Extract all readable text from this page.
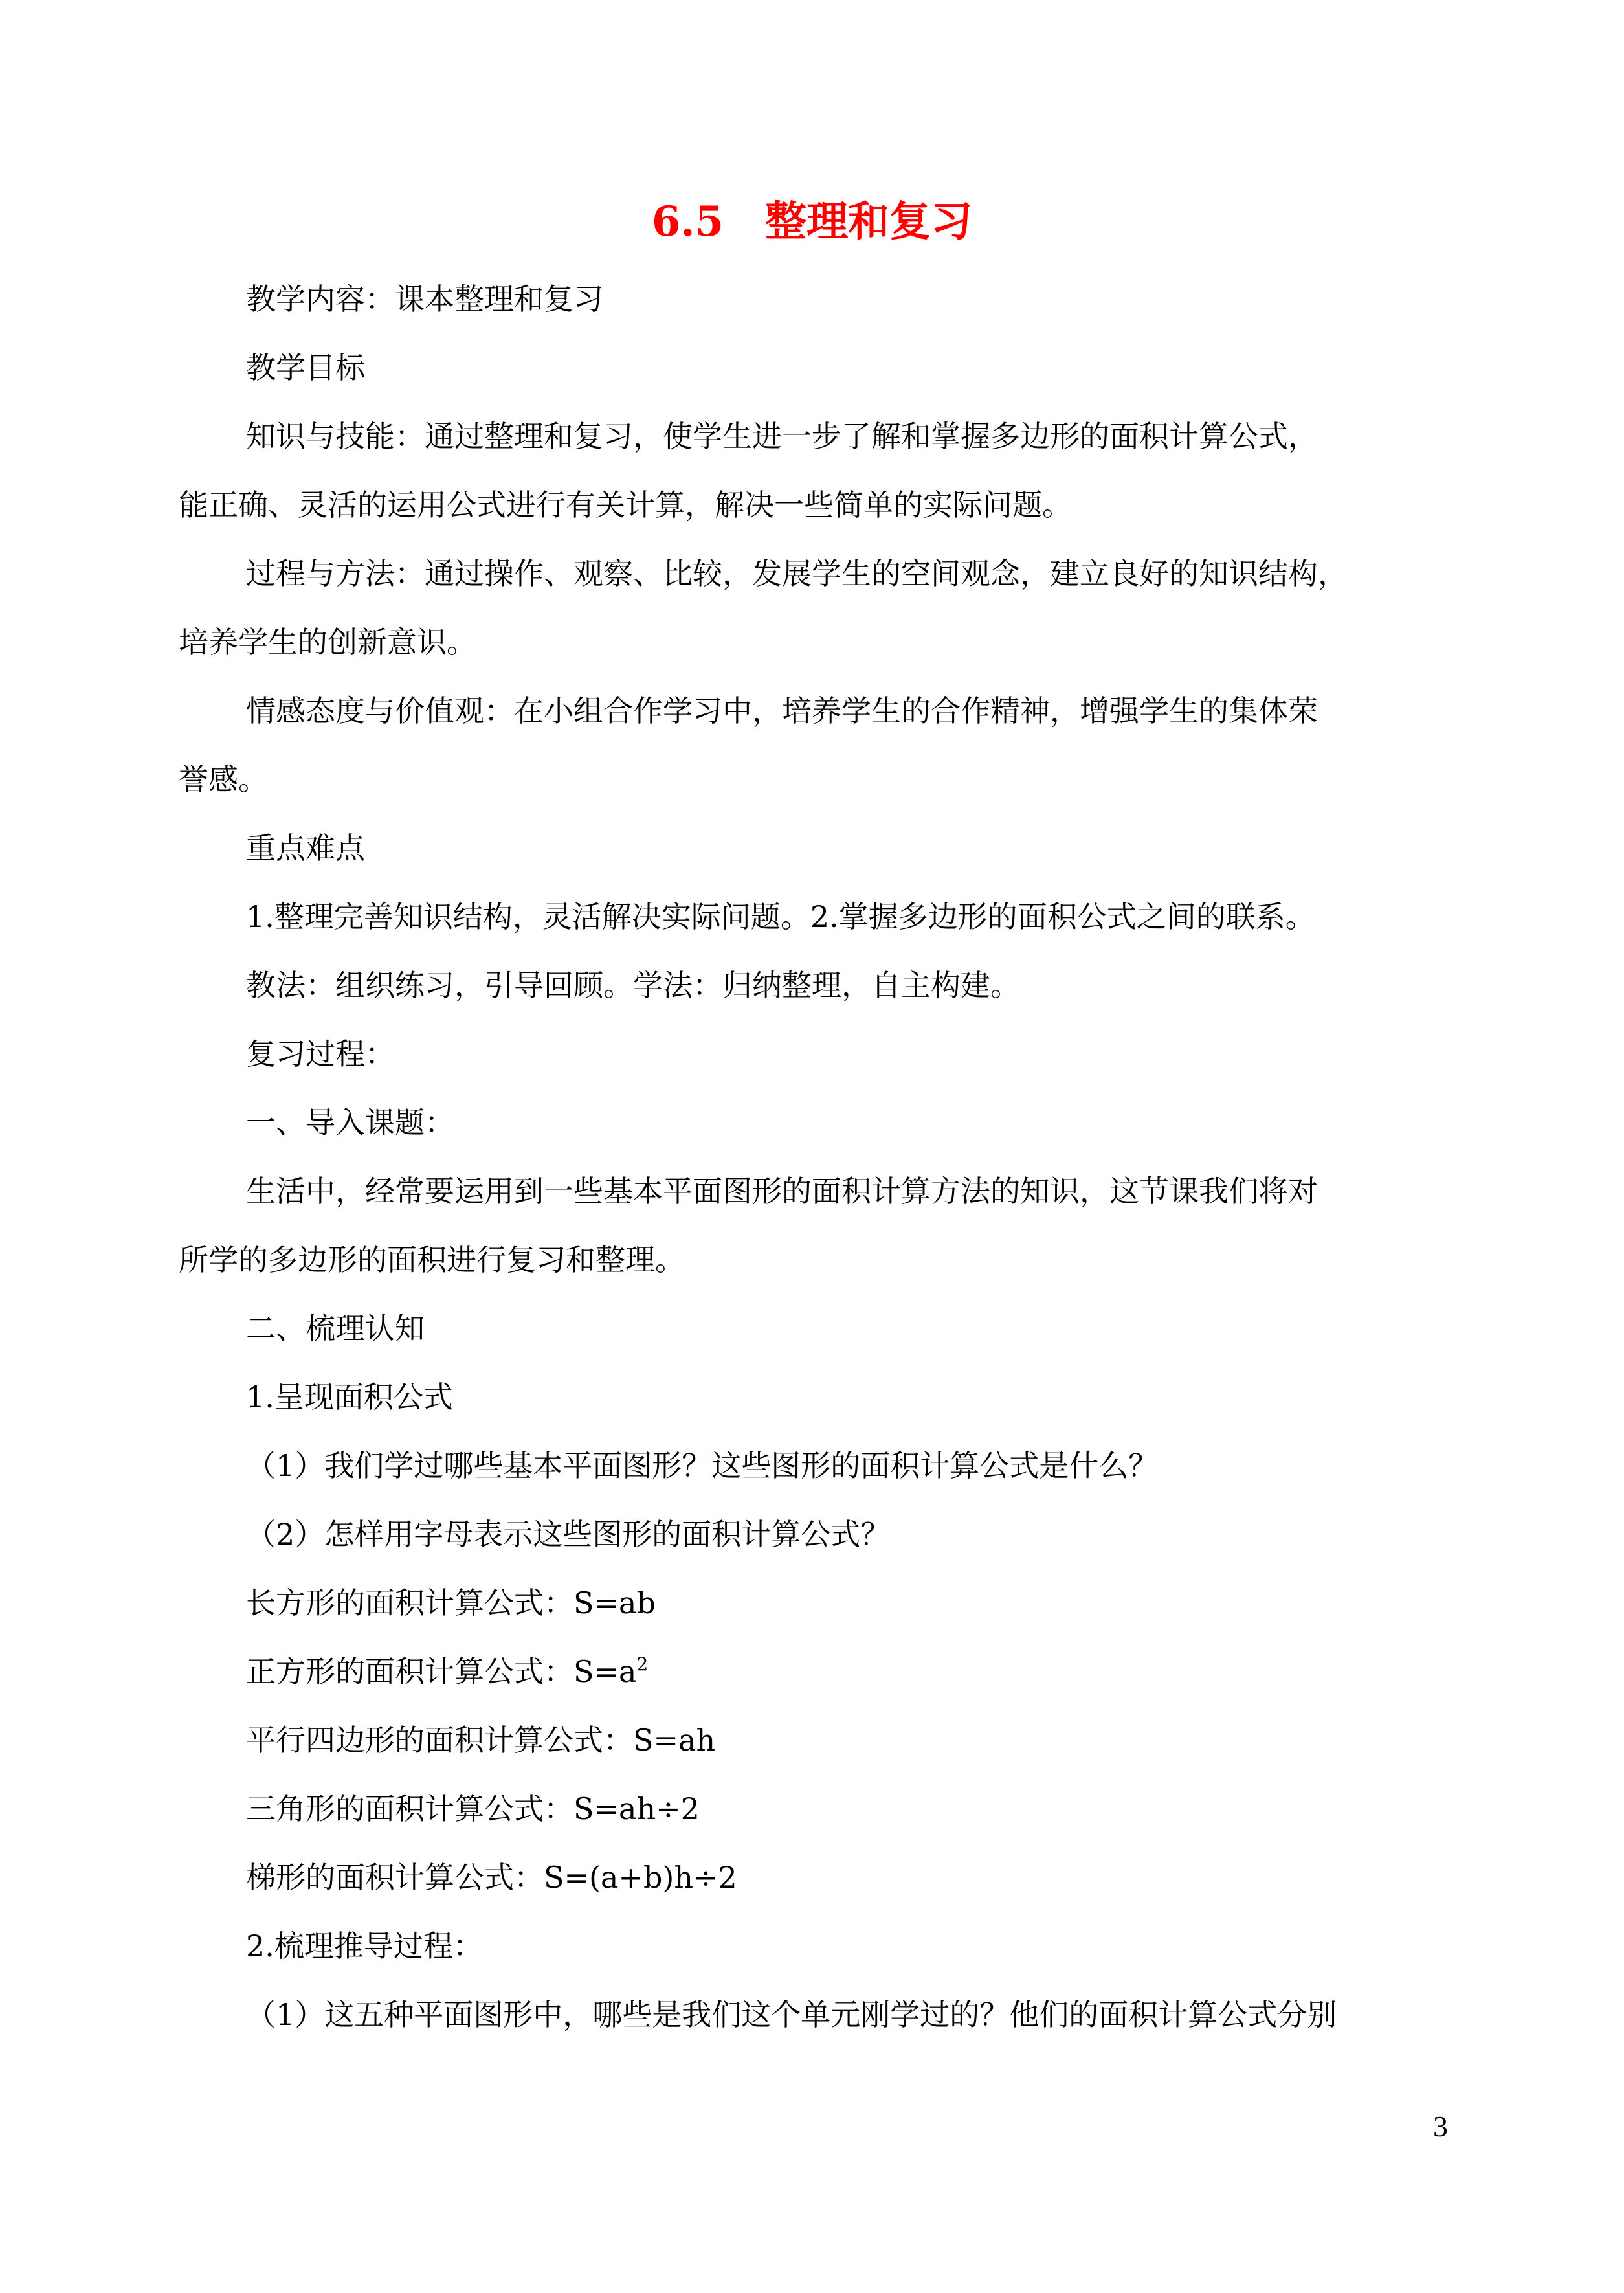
6.5　整理和复习
教学内容：课本整理和复习
教学目标
知识与技能：通过整理和复习，使学生进一步了解和掌握多边形的面积计算公式，
能正确、灵活的运用公式进行有关计算，解决一些简单的实际问题。
过程与方法：通过操作、观察、比较，发展学生的空间观念，建立良好的知识结构，
培养学生的创新意识。
情感态度与价值观：在小组合作学习中，培养学生的合作精神，增强学生的集体荣
誉感。
重点难点
1.整理完善知识结构，灵活解决实际问题。2.掌握多边形的面积公式之间的联系。
教法：组织练习，引导回顾。学法：归纳整理，自主构建。
复习过程：
一、导入课题：
生活中，经常要运用到一些基本平面图形的面积计算方法的知识，这节课我们将对
所学的多边形的面积进行复习和整理。
二、梳理认知
1.呈现面积公式
（1）我们学过哪些基本平面图形？这些图形的面积计算公式是什么？
（2）怎样用字母表示这些图形的面积计算公式？
长方形的面积计算公式：S=ab
正方形的面积计算公式：$S=a^2$
平行四边形的面积计算公式：S=ah
三角形的面积计算公式：S=ah÷2
梯形的面积计算公式：S=(a+b)h÷2
2.梳理推导过程：
（1）这五种平面图形中，哪些是我们这个单元刚学过的？他们的面积计算公式分别
3
